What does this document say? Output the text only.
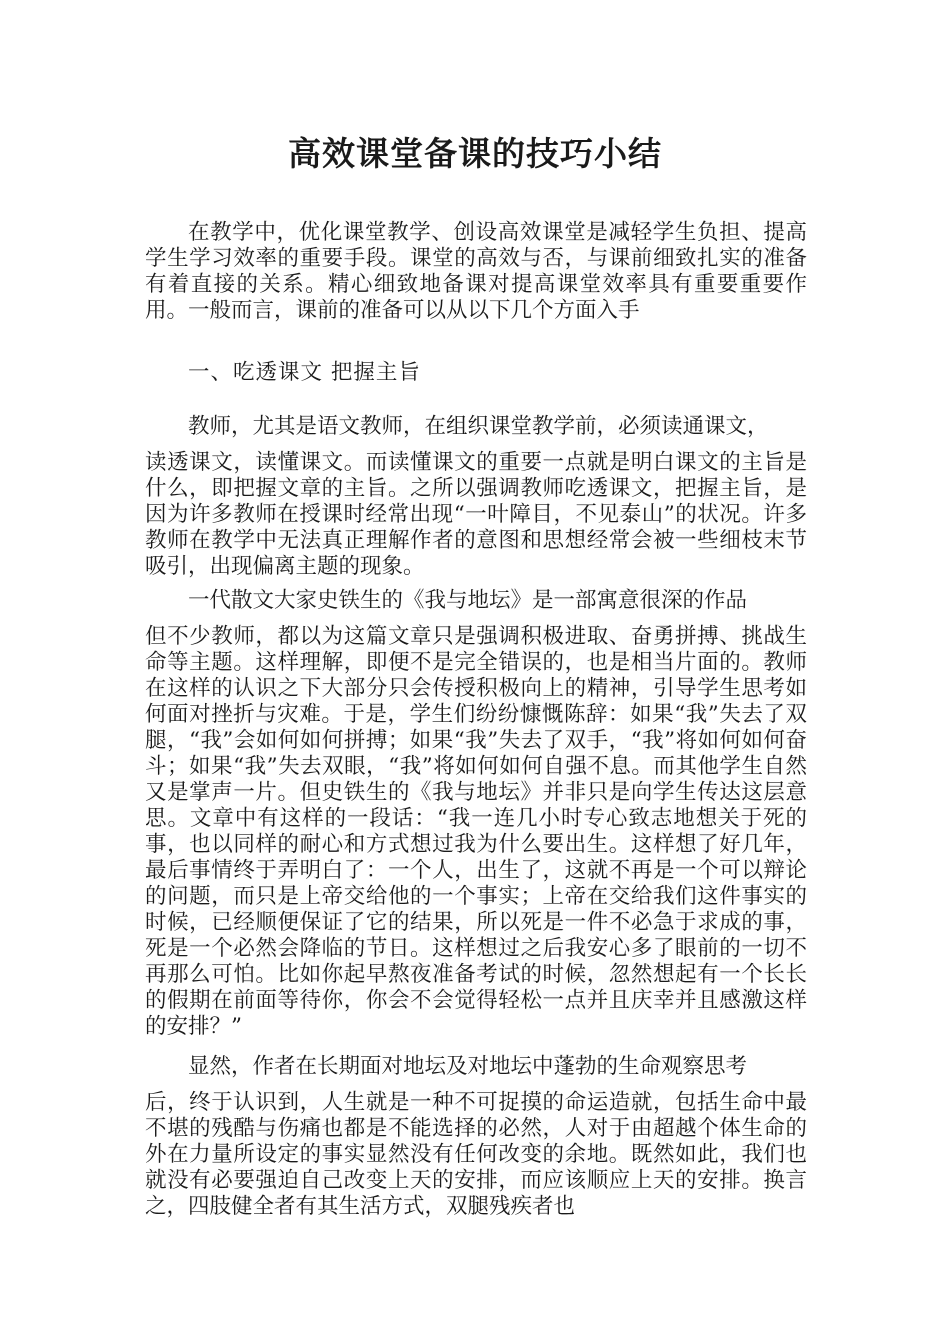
高效课堂备课的技巧小结

在教学中，优化课堂教学、创设高效课堂是减轻学生负担、提高学生学习效率的重要手段。课堂的高效与否，与课前细致扎实的准备有着直接的关系。精心细致地备课对提高课堂效率具有重要重要作用。一般而言，课前的准备可以从以下几个方面入手

一、吃透课文 把握主旨

教师，尤其是语文教师，在组织课堂教学前，必须读通课文，

读透课文，读懂课文。而读懂课文的重要一点就是明白课文的主旨是什么，即把握文章的主旨。之所以强调教师吃透课文，把握主旨，是因为许多教师在授课时经常出现“一叶障目，不见泰山”的状况。许多教师在教学中无法真正理解作者的意图和思想经常会被一些细枝末节吸引，出现偏离主题的现象。

一代散文大家史铁生的《我与地坛》是一部寓意很深的作品

但不少教师，都以为这篇文章只是强调积极进取、奋勇拼搏、挑战生命等主题。这样理解，即便不是完全错误的，也是相当片面的。教师在这样的认识之下大部分只会传授积极向上的精神，引导学生思考如何面对挫折与灾难。于是，学生们纷纷慷慨陈辞：如果“我”失去了双腿，“我”会如何如何拼搏；如果“我”失去了双手，“我”将如何如何奋斗；如果“我”失去双眼，“我”将如何如何自强不息。而其他学生自然又是掌声一片。但史铁生的《我与地坛》并非只是向学生传达这层意思。文章中有这样的一段话：“我一连几小时专心致志地想关于死的事，也以同样的耐心和方式想过我为什么要出生。这样想了好几年，最后事情终于弄明白了：一个人，出生了，这就不再是一个可以辩论的问题，而只是上帝交给他的一个事实；上帝在交给我们这件事实的时候，已经顺便保证了它的结果，所以死是一件不必急于求成的事，死是一个必然会降临的节日。这样想过之后我安心多了眼前的一切不再那么可怕。比如你起早熬夜准备考试的时候，忽然想起有一个长长的假期在前面等待你，你会不会觉得轻松一点并且庆幸并且感激这样的安排？”

显然，作者在长期面对地坛及对地坛中蓬勃的生命观察思考

后，终于认识到，人生就是一种不可捉摸的命运造就，包括生命中最不堪的残酷与伤痛也都是不能选择的必然，人对于由超越个体生命的外在力量所设定的事实显然没有任何改变的余地。既然如此，我们也就没有必要强迫自己改变上天的安排，而应该顺应上天的安排。换言之，四肢健全者有其生活方式，双腿残疾者也
